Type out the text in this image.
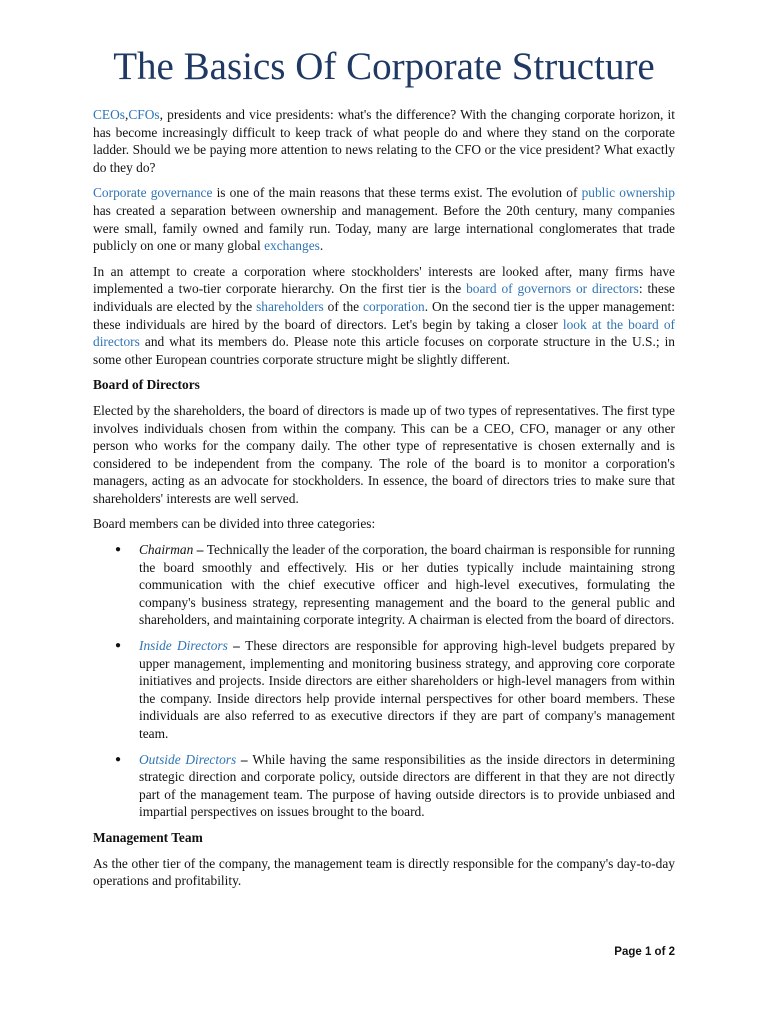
The Basics Of Corporate Structure

CEOs,CFOs, presidents and vice presidents: what's the difference? With the changing corporate horizon, it has become increasingly difficult to keep track of what people do and where they stand on the corporate ladder. Should we be paying more attention to news relating to the CFO or the vice president? What exactly do they do?

Corporate governance is one of the main reasons that these terms exist. The evolution of public ownership has created a separation between ownership and management. Before the 20th century, many companies were small, family owned and family run. Today, many are large international conglomerates that trade publicly on one or many global exchanges.

In an attempt to create a corporation where stockholders' interests are looked after, many firms have implemented a two-tier corporate hierarchy. On the first tier is the board of governors or directors: these individuals are elected by the shareholders of the corporation. On the second tier is the upper management: these individuals are hired by the board of directors. Let's begin by taking a closer look at the board of directors and what its members do. Please note this article focuses on corporate structure in the U.S.; in some other European countries corporate structure might be slightly different.

Board of Directors

Elected by the shareholders, the board of directors is made up of two types of representatives. The first type involves individuals chosen from within the company. This can be a CEO, CFO, manager or any other person who works for the company daily. The other type of representative is chosen externally and is considered to be independent from the company. The role of the board is to monitor a corporation's managers, acting as an advocate for stockholders. In essence, the board of directors tries to make sure that shareholders' interests are well served.

Board members can be divided into three categories:

● Chairman – Technically the leader of the corporation, the board chairman is responsible for running the board smoothly and effectively. His or her duties typically include maintaining strong communication with the chief executive officer and high-level executives, formulating the company's business strategy, representing management and the board to the general public and shareholders, and maintaining corporate integrity. A chairman is elected from the board of directors.
● Inside Directors – These directors are responsible for approving high-level budgets prepared by upper management, implementing and monitoring business strategy, and approving core corporate initiatives and projects. Inside directors are either shareholders or high-level managers from within the company. Inside directors help provide internal perspectives for other board members. These individuals are also referred to as executive directors if they are part of company's management team.
● Outside Directors – While having the same responsibilities as the inside directors in determining strategic direction and corporate policy, outside directors are different in that they are not directly part of the management team. The purpose of having outside directors is to provide unbiased and impartial perspectives on issues brought to the board.
Management Team

As the other tier of the company, the management team is directly responsible for the company's day-to-day operations and profitability.

Page 1 of 2
